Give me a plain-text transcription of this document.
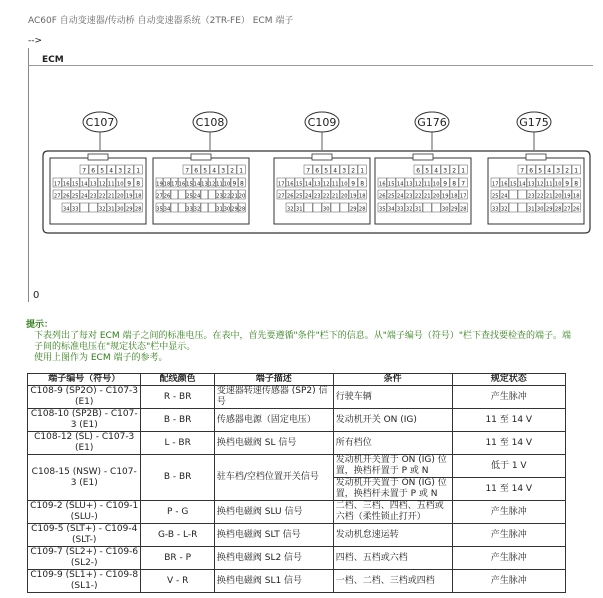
AC60F 自动变速器/传动桥 自动变速器系统（2TR-FE） ECM 端子
-->
ECM
C107
7 6 5 4 3 2 1
17 16 15 14 13 12 11 10 9 8
27 26 25 24 23 22 21 20 19 18
34 33	32 31 30 29 28
C108
7 6 5 4 3 2 1
19 18 17 16 15 14 13 12 11 10 9 8
27 26	25 24	23 22 21 20
35 34	33 32	31 30 29 28
C109
7 6 5 4 3 2 1
17 16 15 14 13 12 11 10 9 8
27 26 25 24 23 22 21 20 19 18
32 31	30	29 28
G176
6 5 4 3 2 1
16 15 14 13 12 11 10 9 8 7
26 25 24 23 22 21 20 19 18 17
35 34 33 32 31	30 29 28
G175
7 6 5 4 3 2 1
17 16 15 14 13 12 11 10 9 8
25 24	23 22 21 20 19 18
33 32	31 30 29 28 27 26
0
提示：
下表列出了每对 ECM 端子之间的标准电压。在表中，首先要遵循"条件"栏下的信息。从"端子编号（符号）"栏下查找要检查的端子。端
子间的标准电压在"规定状态"栏中显示。
使用上图作为 ECM 端子的参考。
端子编号（符号）	配线颜色	端子描述	条件	规定状态
C108-9 (SP2O) - C107-3 (E1)	R - BR	变速器转速传感器 (SP2) 信号	行驶车辆	产生脉冲
C108-10 (SP2B) - C107-3 (E1)	B - BR	传感器电源（固定电压）	发动机开关 ON (IG)	11 至 14 V
C108-12 (SL) - C107-3 (E1)	L - BR	换档电磁阀 SL 信号	所有档位	11 至 14 V
C108-15 (NSW) - C107-3 (E1)	B - BR	驻车档/空档位置开关信号	发动机开关置于 ON (IG) 位置，换档杆置于 P 或 N	低于 1 V
			发动机开关置于 ON (IG) 位置，换档杆未置于 P 或 N	11 至 14 V
C109-2 (SLU+) - C109-1 (SLU-)	P - G	换档电磁阀 SLU 信号	二档、三档、四档、五档或六档（柔性锁止打开）	产生脉冲
C109-5 (SLT+) - C109-4 (SLT-)	G-B - L-R	换档电磁阀 SLT 信号	发动机怠速运转	产生脉冲
C109-7 (SL2+) - C109-6 (SL2-)	BR - P	换档电磁阀 SL2 信号	四档、五档或六档	产生脉冲
C109-9 (SL1+) - C109-8 (SL1-)	V - R	换档电磁阀 SL1 信号	一档、二档、三档或四档	产生脉冲
